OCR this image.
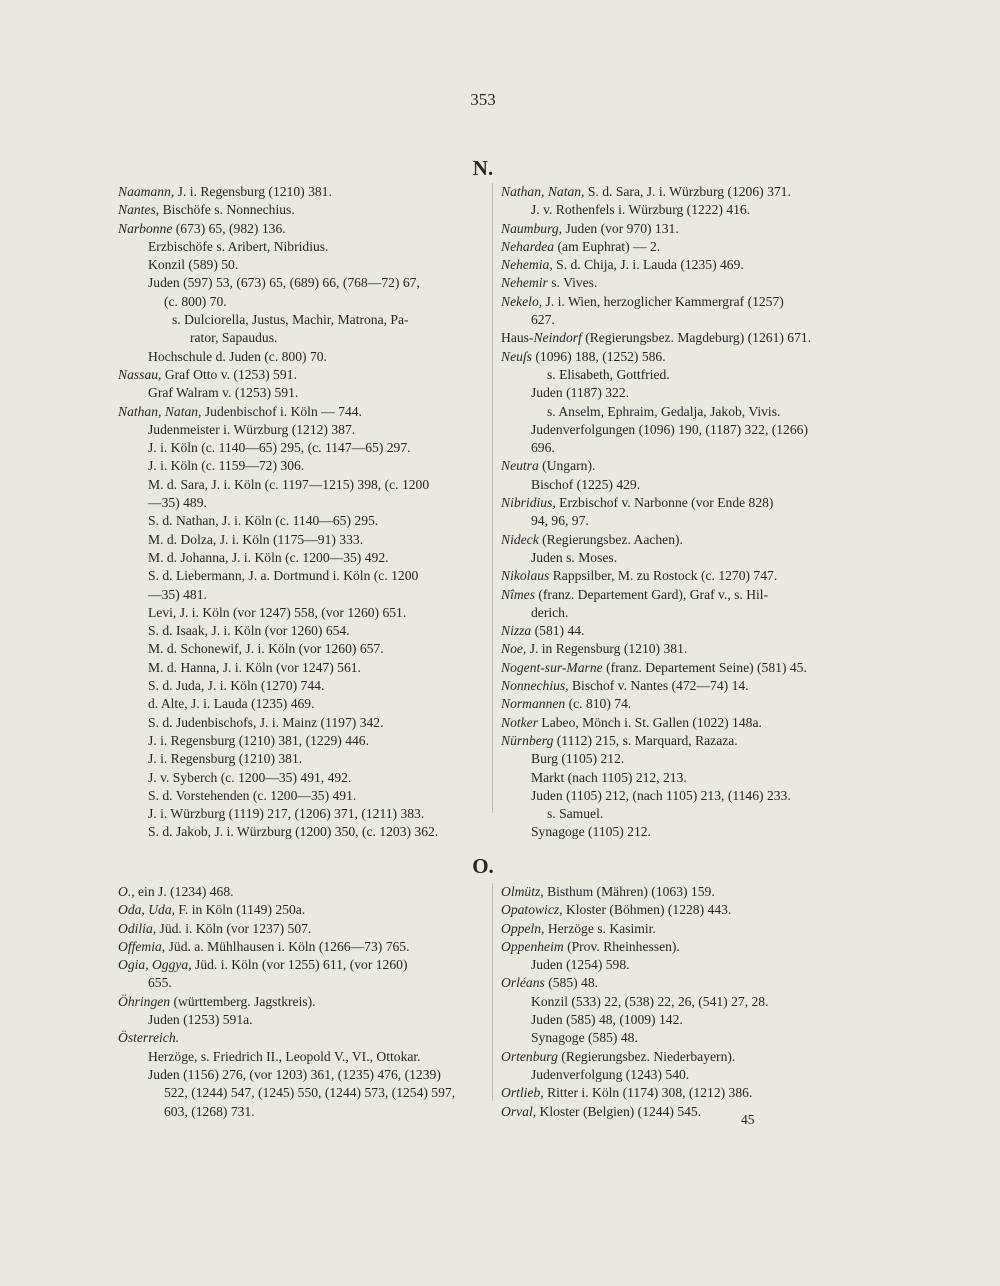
353
N.
Naamann, J. i. Regensburg (1210) 381.
Nantes, Bischöfe s. Nonnechius.
Narbonne (673) 65, (982) 136.
Erzbischöfe s. Aribert, Nibridius.
Konzil (589) 50.
Juden (597) 53, (673) 65, (689) 66, (768—72) 67,
(c. 800) 70.
s. Dulciorella, Justus, Machir, Matrona, Pa-
rator, Sapaudus.
Hochschule d. Juden (c. 800) 70.
Nassau, Graf Otto v. (1253) 591.
Graf Walram v. (1253) 591.
Nathan, Natan, Judenbischof i. Köln — 744.
Judenmeister i. Würzburg (1212) 387.
J. i. Köln (c. 1140—65) 295, (c. 1147—65) 297.
J. i. Köln (c. 1159—72) 306.
M. d. Sara, J. i. Köln (c. 1197—1215) 398, (c. 1200
—35) 489.
S. d. Nathan, J. i. Köln (c. 1140—65) 295.
M. d. Dolza, J. i. Köln (1175—91) 333.
M. d. Johanna, J. i. Köln (c. 1200—35) 492.
S. d. Liebermann, J. a. Dortmund i. Köln (c. 1200
—35) 481.
Levi, J. i. Köln (vor 1247) 558, (vor 1260) 651.
S. d. Isaak, J. i. Köln (vor 1260) 654.
M. d. Schonewif, J. i. Köln (vor 1260) 657.
M. d. Hanna, J. i. Köln (vor 1247) 561.
S. d. Juda, J. i. Köln (1270) 744.
d. Alte, J. i. Lauda (1235) 469.
S. d. Judenbischofs, J. i. Mainz (1197) 342.
J. i. Regensburg (1210) 381, (1229) 446.
J. i. Regensburg (1210) 381.
J. v. Syberch (c. 1200—35) 491, 492.
S. d. Vorstehenden (c. 1200—35) 491.
J. i. Würzburg (1119) 217, (1206) 371, (1211) 383.
S. d. Jakob, J. i. Würzburg (1200) 350, (c. 1203) 362.
Nathan, Natan, S. d. Sara, J. i. Würzburg (1206) 371.
J. v. Rothenfels i. Würzburg (1222) 416.
Naumburg, Juden (vor 970) 131.
Nehardea (am Euphrat) — 2.
Nehemia, S. d. Chija, J. i. Lauda (1235) 469.
Nehemir s. Vives.
Nekelo, J. i. Wien, herzoglicher Kammergraf (1257)
627.
Haus-Neindorf (Regierungsbez. Magdeburg) (1261) 671.
Neuſs (1096) 188, (1252) 586.
s. Elisabeth, Gottfried.
Juden (1187) 322.
s. Anselm, Ephraim, Gedalja, Jakob, Vivis.
Judenverfolgungen (1096) 190, (1187) 322, (1266)
696.
Neutra (Ungarn).
Bischof (1225) 429.
Nibridius, Erzbischof v. Narbonne (vor Ende 828)
94, 96, 97.
Nideck (Regierungsbez. Aachen).
Juden s. Moses.
Nikolaus Rappsilber, M. zu Rostock (c. 1270) 747.
Nîmes (franz. Departement Gard), Graf v., s. Hil-
derich.
Nizza (581) 44.
Noe, J. in Regensburg (1210) 381.
Nogent-sur-Marne (franz. Departement Seine) (581) 45.
Nonnechius, Bischof v. Nantes (472—74) 14.
Normannen (c. 810) 74.
Notker Labeo, Mönch i. St. Gallen (1022) 148a.
Nürnberg (1112) 215, s. Marquard, Razaza.
Burg (1105) 212.
Markt (nach 1105) 212, 213.
Juden (1105) 212, (nach 1105) 213, (1146) 233.
s. Samuel.
Synagoge (1105) 212.
O.
O., ein J. (1234) 468.
Oda, Uda, F. in Köln (1149) 250a.
Odilia, Jüd. i. Köln (vor 1237) 507.
Offemia, Jüd. a. Mühlhausen i. Köln (1266—73) 765.
Ogia, Oggya, Jüd. i. Köln (vor 1255) 611, (vor 1260)
655.
Öhringen (württemberg. Jagstkreis).
Juden (1253) 591a.
Österreich.
Herzöge, s. Friedrich II., Leopold V., VI., Ottokar.
Juden (1156) 276, (vor 1203) 361, (1235) 476, (1239)
522, (1244) 547, (1245) 550, (1244) 573, (1254) 597,
603, (1268) 731.
Olmütz, Bisthum (Mähren) (1063) 159.
Opatowicz, Kloster (Böhmen) (1228) 443.
Oppeln, Herzöge s. Kasimir.
Oppenheim (Prov. Rheinhessen).
Juden (1254) 598.
Orléans (585) 48.
Konzil (533) 22, (538) 22, 26, (541) 27, 28.
Juden (585) 48, (1009) 142.
Synagoge (585) 48.
Ortenburg (Regierungsbez. Niederbayern).
Judenverfolgung (1243) 540.
Ortlieb, Ritter i. Köln (1174) 308, (1212) 386.
Orval, Kloster (Belgien) (1244) 545.
45
